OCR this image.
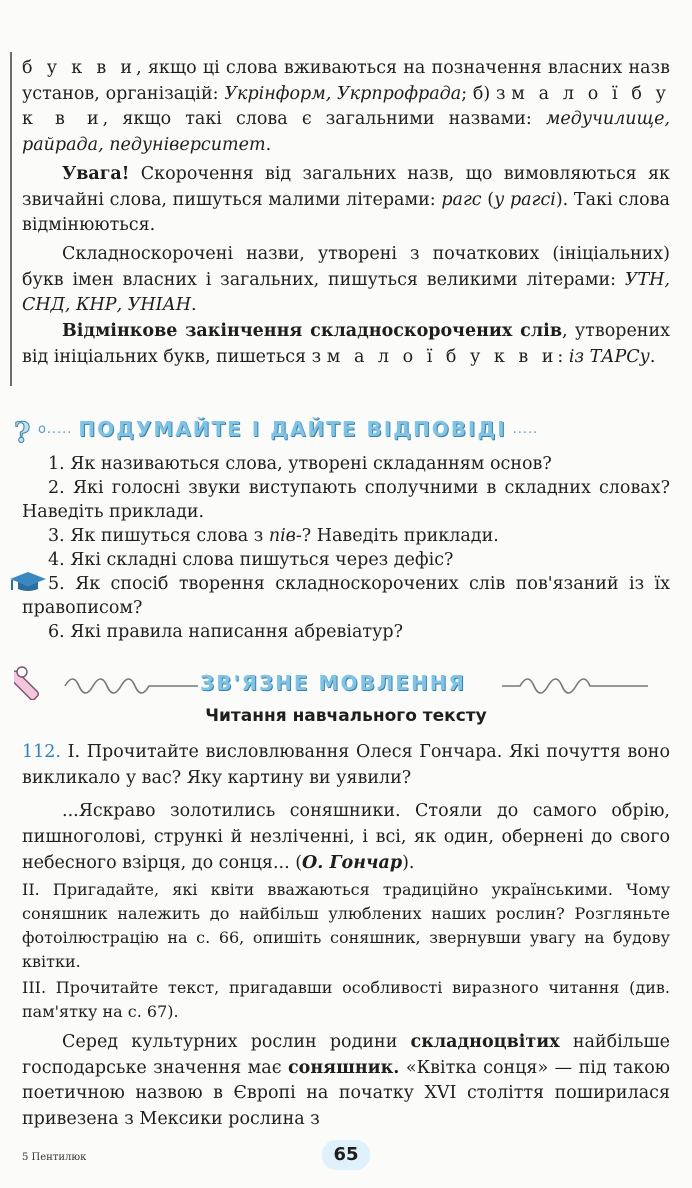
б у к в и, якщо ці слова вживаються на позначення власних назв установ, організацій: Укрінформ, Укрпрофрада; б) з м а л о ї б у к в и, якщо такі слова є загальними назвами: медучилище, райрада, педуніверситет.
Увага! Скорочення від загальних назв, що вимовляються як звичайні слова, пишуться малими літерами: рагс (у рагсі). Такі слова відмінюються.
Складноскорочені назви, утворені з початкових (ініціальних) букв імен власних і загальних, пишуться великими літерами: УТН, СНД, КНР, УНІАН.
Відмінкове закінчення складноскорочених слів, утворених від ініціальних букв, пишеться з м а л о ї б у к в и: із ТАРСу.
? o..... ПОДУМАЙТЕ І ДАЙТЕ ВІДПОВІДІ .....
1. Як називаються слова, утворені складанням основ?
2. Які голосні звуки виступають сполучними в складних словах? Наведіть приклади.
3. Як пишуться слова з пів-? Наведіть приклади.
4. Які складні слова пишуться через дефіс?
5. Як спосіб творення складноскорочених слів пов'язаний із їх правописом?
6. Які правила написання абревіатур?
ЗВ'ЯЗНЕ МОВЛЕННЯ
Читання навчального тексту
112. І. Прочитайте висловлювання Олеся Гончара. Які почуття воно викликало у вас? Яку картину ви уявили?
...Яскраво золотились соняшники. Стояли до самого обрію, пишноголові, стрункі й незліченні, і всі, як один, обернені до свого небесного взірця, до сонця... (О. Гончар).
ІІ. Пригадайте, які квіти вважаються традиційно українськими. Чому соняшник належить до найбільш улюблених наших рослин? Розгляньте фотоілюстрацію на с. 66, опишіть соняшник, звернувши увагу на будову квітки.
ІІІ. Прочитайте текст, пригадавши особливості виразного читання (див. пам'ятку на с. 67).
Серед культурних рослин родини складноцвітих найбільше господарське значення має соняшник. «Квітка сонця» — під такою поетичною назвою в Європі на початку XVI століття поширилася привезена з Мексики рослина з
5 Пентилюк	65
